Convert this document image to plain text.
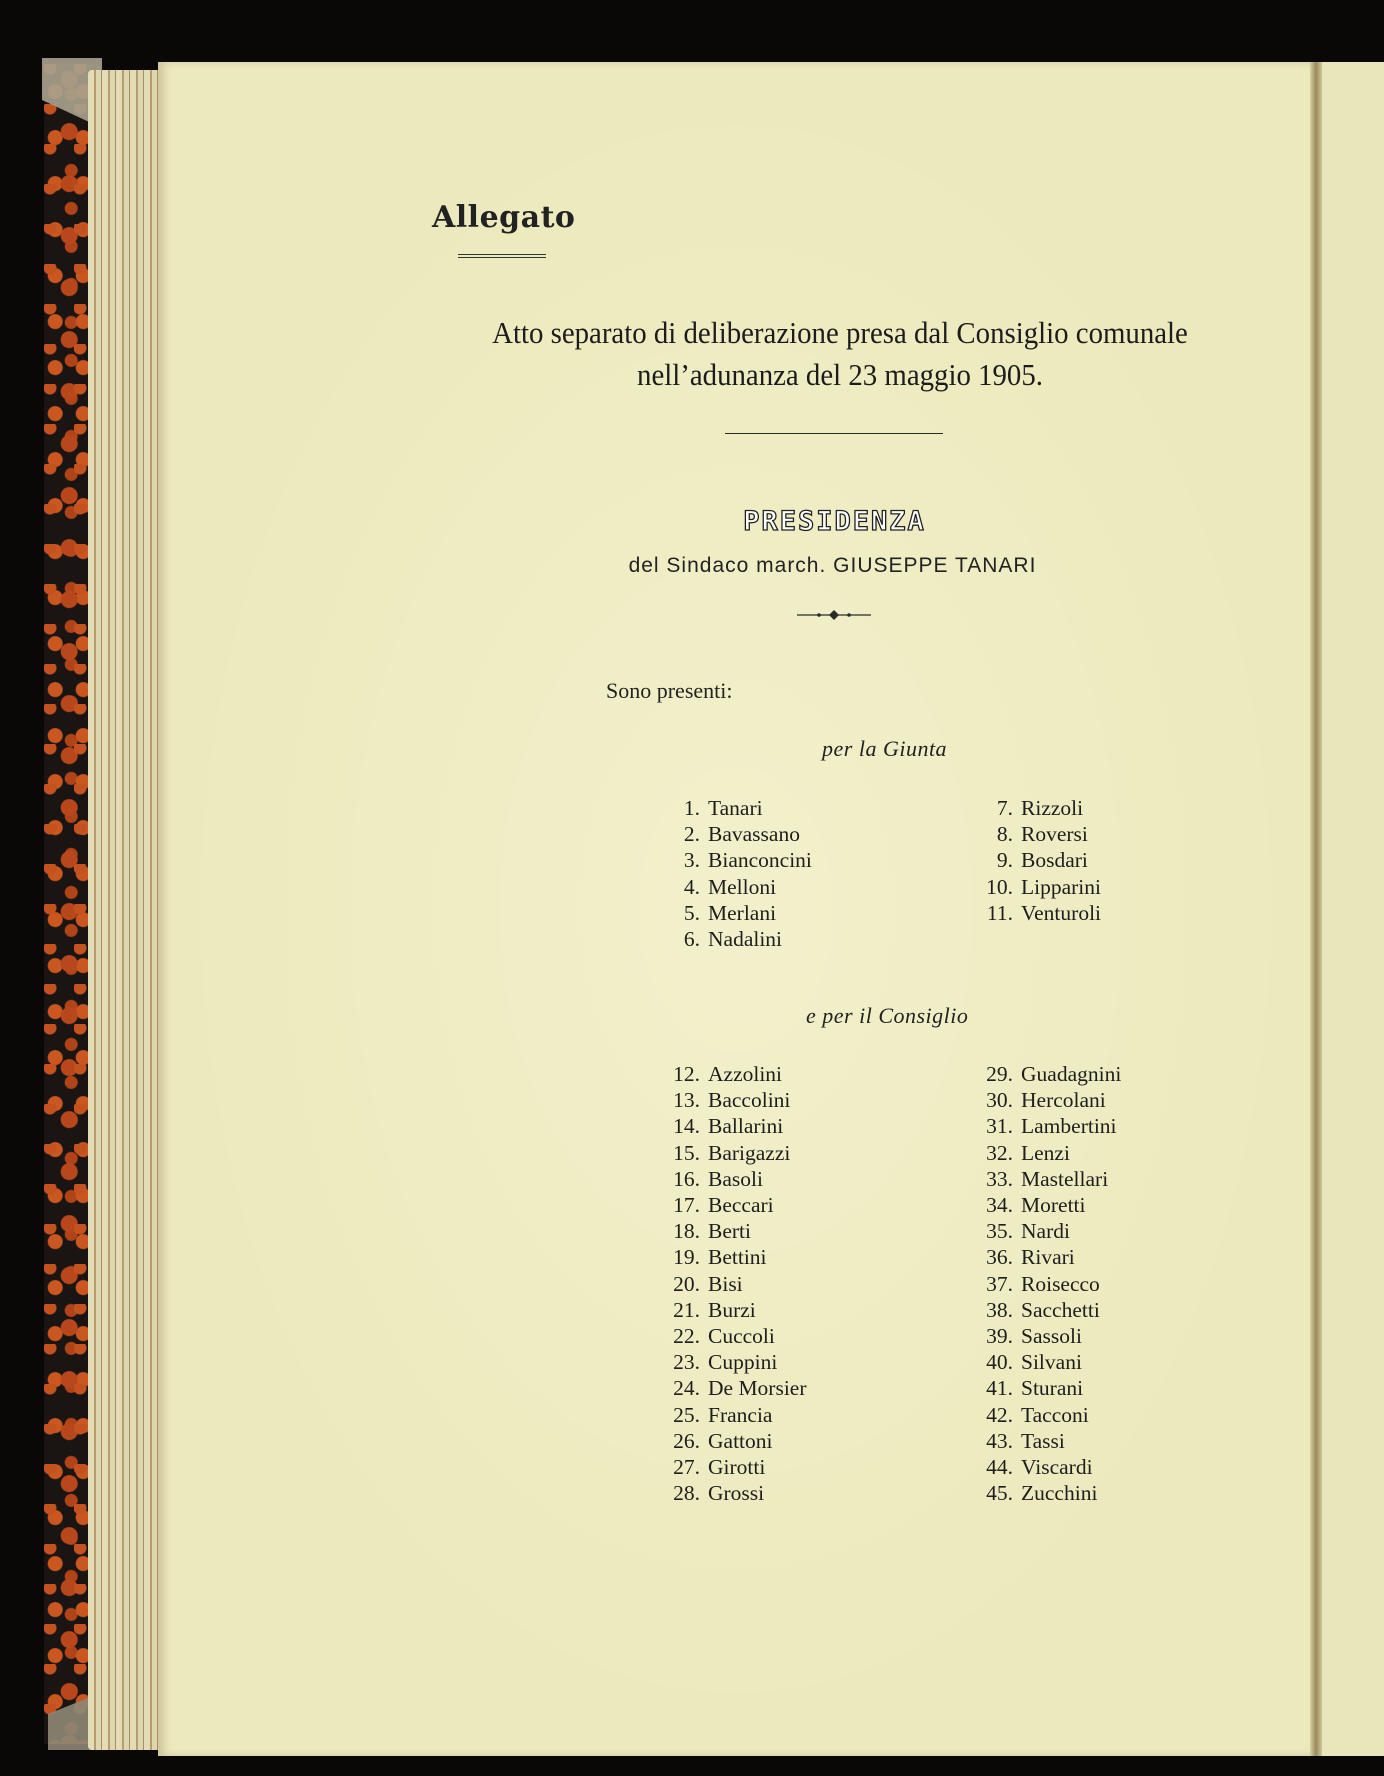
Allegato
Atto separato di deliberazione presa dal Consiglio comunale
nell’adunanza del 23 maggio 1905.
PRESIDENZA
del Sindaco march. GIUSEPPE TANARI
Sono presenti:
per la Giunta
1. Tanari
2. Bavassano
3. Bianconcini
4. Melloni
5. Merlani
6. Nadalini
7. Rizzoli
8. Roversi
9. Bosdari
10. Lipparini
11. Venturoli
e per il Consiglio
12. Azzolini
13. Baccolini
14. Ballarini
15. Barigazzi
16. Basoli
17. Beccari
18. Berti
19. Bettini
20. Bisi
21. Burzi
22. Cuccoli
23. Cuppini
24. De Morsier
25. Francia
26. Gattoni
27. Girotti
28. Grossi
29. Guadagnini
30. Hercolani
31. Lambertini
32. Lenzi
33. Mastellari
34. Moretti
35. Nardi
36. Rivari
37. Roisecco
38. Sacchetti
39. Sassoli
40. Silvani
41. Sturani
42. Tacconi
43. Tassi
44. Viscardi
45. Zucchini
